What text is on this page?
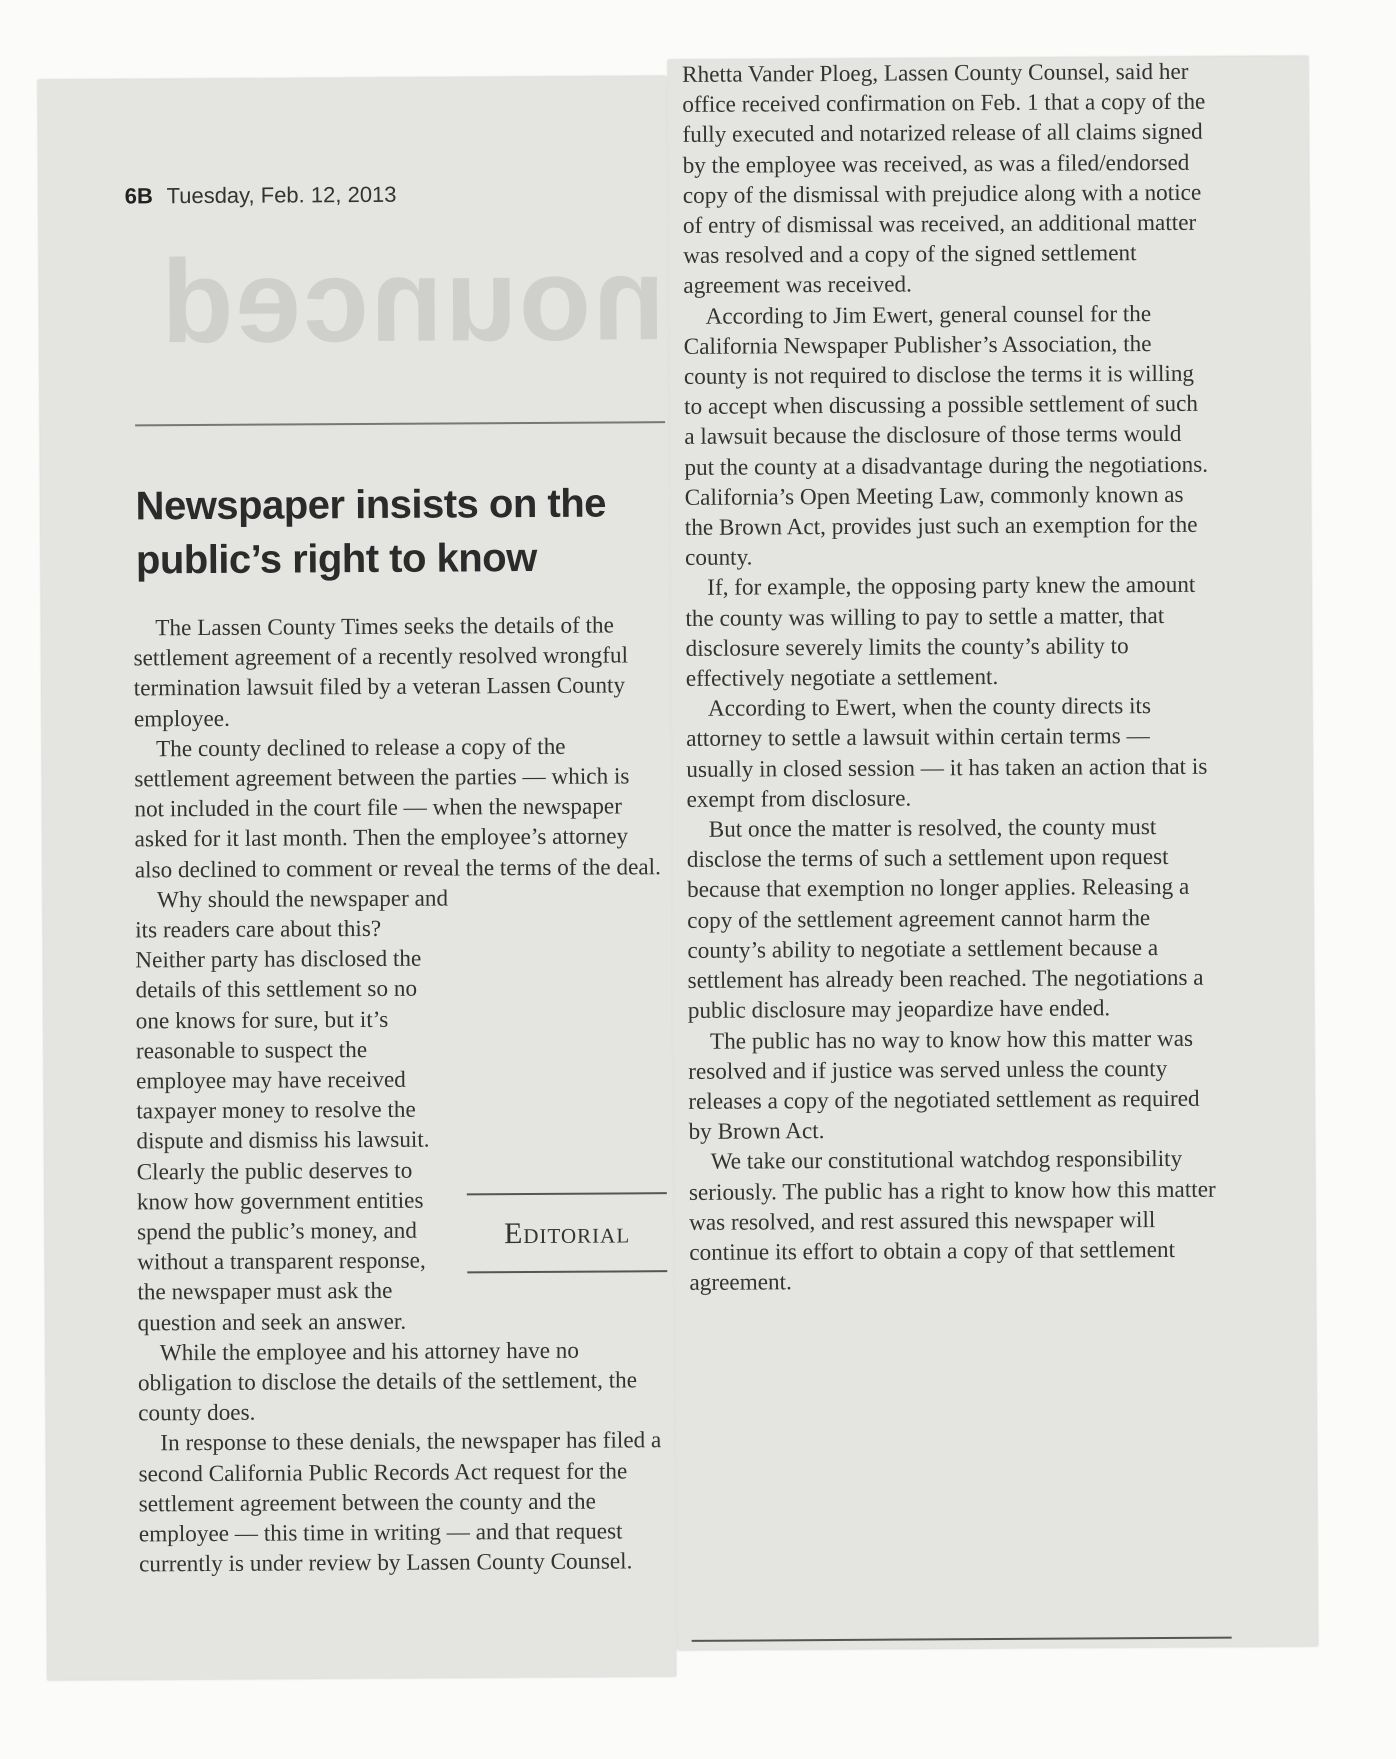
nounced
6B Tuesday, Feb. 12, 2013
Newspaper insists on the public’s right to know

The Lassen County Times seeks the details of the settlement agreement of a recently resolved wrongful termination lawsuit filed by a veteran Lassen County employee.

The county declined to release a copy of the settlement agreement between the parties — which is not included in the court file — when the newspaper asked for it last month. Then the employee’s attorney also declined to comment or reveal the terms of the deal.

Editorial

Why should the newspaper and its readers care about this? Neither party has disclosed the details of this settlement so no one knows for sure, but it’s reasonable to suspect the employee may have received taxpayer money to resolve the dispute and dismiss his lawsuit. Clearly the public deserves to know how government entities spend the public’s money, and without a transparent response, the newspaper must ask the question and seek an answer.

While the employee and his attorney have no obligation to disclose the details of the settlement, the county does.

In response to these denials, the newspaper has filed a second California Public Records Act request for the settlement agreement between the county and the employee — this time in writing — and that request currently is under review by Lassen County Counsel.

Rhetta Vander Ploeg, Lassen County Counsel, said her office received confirmation on Feb. 1 that a copy of the fully executed and notarized release of all claims signed by the employee was received, as was a filed/endorsed copy of the dismissal with prejudice along with a notice of entry of dismissal was received, an additional matter was resolved and a copy of the signed settlement agreement was received.

According to Jim Ewert, general counsel for the California Newspaper Publisher’s Association, the county is not required to disclose the terms it is willing to accept when discussing a possible settlement of such a lawsuit because the disclosure of those terms would put the county at a disadvantage during the negotiations. California’s Open Meeting Law, commonly known as the Brown Act, provides just such an exemption for the county.

If, for example, the opposing party knew the amount the county was willing to pay to settle a matter, that disclosure severely limits the county’s ability to effectively negotiate a settlement.

According to Ewert, when the county directs its attorney to settle a lawsuit within certain terms — usually in closed session — it has taken an action that is exempt from disclosure.

But once the matter is resolved, the county must disclose the terms of such a settlement upon request because that exemption no longer applies. Releasing a copy of the settlement agreement cannot harm the county’s ability to negotiate a settlement because a settlement has already been reached. The negotiations a public disclosure may jeopardize have ended.

The public has no way to know how this matter was resolved and if justice was served unless the county releases a copy of the negotiated settlement as required by Brown Act.

We take our constitutional watchdog responsibility seriously. The public has a right to know how this matter was resolved, and rest assured this newspaper will continue its effort to obtain a copy of that settlement agreement.
